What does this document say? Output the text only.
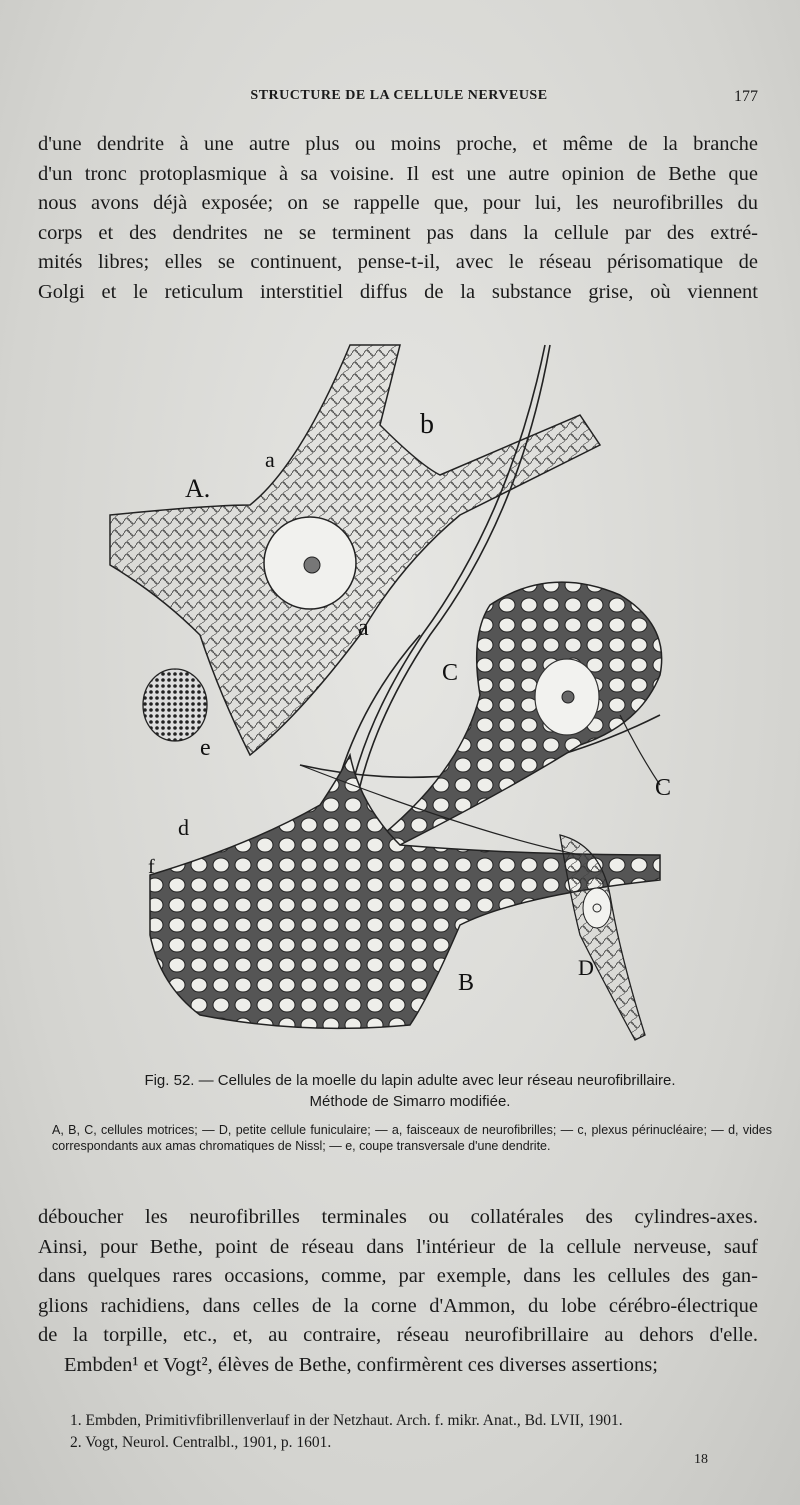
STRUCTURE DE LA CELLULE NERVEUSE	177
d'une dendrite à une autre plus ou moins proche, et même de la branche
d'un tronc protoplasmique à sa voisine. Il est une autre opinion de Bethe que
nous avons déjà exposée; on se rappelle que, pour lui, les neurofibrilles du
corps et des dendrites ne se terminent pas dans la cellule par des extré-
mités libres; elles se continuent, pense-t-il, avec le réseau périsomatique de
Golgi et le reticulum interstitiel diffus de la substance grise, où viennent
A.
a
b
a
C
C
e
d
f
B
D
Fig. 52. — Cellules de la moelle du lapin adulte avec leur réseau neurofibrillaire.
Méthode de Simarro modifiée.
A, B, C, cellules motrices; — D, petite cellule funiculaire; — a, faisceaux de neurofibrilles; — c, plexus périnucléaire; — d, vides correspondants aux amas chromatiques de Nissl; — e, coupe transversale d'une dendrite.
déboucher les neurofibrilles terminales ou collatérales des cylindres-axes.
Ainsi, pour Bethe, point de réseau dans l'intérieur de la cellule nerveuse, sauf
dans quelques rares occasions, comme, par exemple, dans les cellules des gan-
glions rachidiens, dans celles de la corne d'Ammon, du lobe cérébro-électrique
de la torpille, etc., et, au contraire, réseau neurofibrillaire au dehors d'elle.
Embden¹ et Vogt², élèves de Bethe, confirmèrent ces diverses assertions;
1. Embden, Primitivfibrillenverlauf in der Netzhaut. Arch. f. mikr. Anat., Bd. LVII, 1901.
2. Vogt, Neurol. Centralbl., 1901, p. 1601.
18
